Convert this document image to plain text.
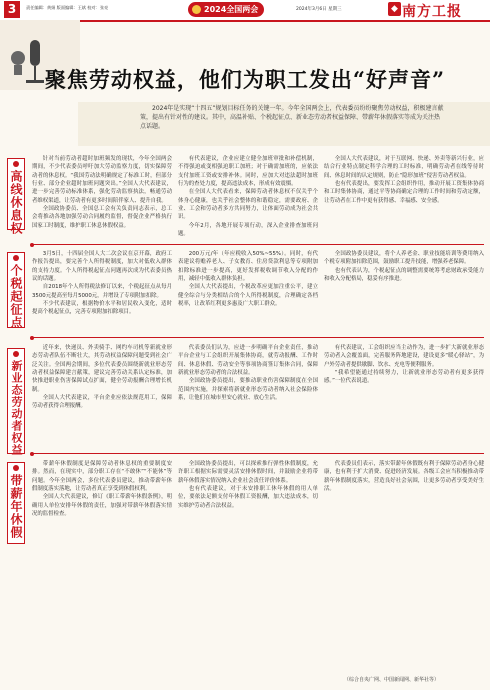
3	责任编辑：黄娟 版面编辑：王斌 校对：张亮	2024全国两会	2024年3月6日 星期三	◆ 南方工报
聚焦劳动权益，他们为职工发出“好声音”
2024年是实现“十四五”规划目标任务的关键一年。今年全国两会上，代表委员纷纷聚焦劳动权益，积极建言献策，提出有针对性的建议。其中，高温补贴、个税起征点、新业态劳动者权益保障、带薪年休假落实等成为关注热点话题。
高线休息权

针对当前劳动者超时加班频发的现状，今年全国两会期间，不少代表委员呼吁加大劳动监察力度，切实保障劳动者的休息权。“我国劳动法明确规定了标准工时，但部分行业、部分企业超时加班问题突出。”全国人大代表建议，进一步完善劳动标准体系，强化劳动监察执法，畅通劳动者维权渠道，让劳动者有更多时间陪伴家人、提升自我。

全国政协委员、全国总工会有关负责同志表示，总工会将推动各地加强劳动合同履约监督，督促企业严格执行国家工时制度，维护职工休息休假权益。

有代表建议，企业应建立健全加班审批和补偿机制，不得强迫或变相强迫职工加班；对于确需加班的，应依法支付加班工资或安排补休。同时，应加大对违法超时加班行为的查处力度，提高违法成本，形成有效震慑。

在全国人大代表看来，保障劳动者休息权不仅关乎个体身心健康，也关乎社会整体的和谐稳定，需要政府、企业、工会和劳动者多方共同努力，让体面劳动成为社会共识。

今年2月，各地开展专项行动，深入企业排查加班问题。

全国人大代表建议，对于互联网、快递、外卖等新兴行业，应结合行业特点制定科学合理的工时标准，明确劳动者在线等待时间、休息时间的认定规则，防止“隐形加班”侵害劳动者权益。

也有代表提出，要发挥工会组织作用，推动开展工资集体协商和工时集体协商，通过平等协商确定合理的工作时间和劳动定额，让劳动者在工作中更有获得感、幸福感、安全感。

个税起征点

3月5日，十四届全国人大二次会议在京开幕，政府工作报告提出，要完善个人所得税制度，加大对低收入群体的支持力度。个人所得税起征点问题再次成为代表委员热议的话题。

自2018年个人所得税法修订以来，个税起征点从每月3500元提高至每月5000元，并增设了专项附加扣除。

不少代表建议，根据物价水平和居民收入变化，适时提高个税起征点，完善专项附加扣除项目。

200万元/年（年应税收入50%~55%）。同时，有代表建议将赡养老人、子女教育、住房贷款利息等专项附加扣除标准进一步提高，更好发挥税收调节收入分配的作用，减轻中低收入群体负担。

全国人大代表提出，个税改革应更加注重公平，建立健全综合与分类相结合的个人所得税制度，合理确定各档税率，让改革红利更多惠及广大职工群众。

全国政协委员建议，将个人养老金、职业技能培训等费用纳入个税专项附加扣除范围，鼓励职工提升技能，增强养老保障。

也有代表认为，个税起征点的调整需要统筹考虑财政承受能力和收入分配格局，稳妥有序推进。

新业态劳动者权益

近年来，快递员、外卖骑手、网约车司机等新就业形态劳动者队伍不断壮大，其劳动权益保障问题受到社会广泛关注。全国两会期间，多位代表委员围绕新就业形态劳动者权益保障建言献策，建议完善劳动关系认定标准，加快推进职业伤害保障试点扩面，健全劳动报酬合理增长机制。

全国人大代表建议，平台企业应依法规范用工，保障劳动者获得合理报酬。

代表委员们认为，应进一步明确平台企业责任，推动平台企业与工会组织开展集体协商，就劳动报酬、工作时间、休息休假、劳动安全等事项协商签订集体合同，保障新就业形态劳动者的合法权益。

全国政协委员提出，要推动职业伤害保障制度在全国范围内实施，并探索将新就业形态劳动者纳入社会保险体系，让他们在城市里安心就业、放心生活。

有代表建议，工会组织应当主动作为，进一步扩大新就业形态劳动者入会覆盖面，完善服务阵地建设，建设更多“暖心驿站”，为户外劳动者提供歇脚、饮水、充电等便利服务。

“我希望能通过持续努力，让新就业形态劳动者有更多获得感。”一位代表说道。

带薪年休假

带薪年休假制度是保障劳动者休息权的重要制度安排。然而，在现实中，部分职工存在“不敢休”“不能休”等问题。今年全国两会，多位代表委员建议，推动带薪年休假制度落实落地，让劳动者真正享受到休假权利。

全国人大代表建议，修订《职工带薪年休假条例》，明确用人单位安排年休假的责任，加强对带薪年休假落实情况的监督检查。

全国政协委员提出，可以探索推行弹性休假制度，允许职工根据实际需要灵活安排休假时间，并鼓励企业将带薪年休假落实情况纳入企业社会责任评价体系。

也有代表建议，对于未安排职工休年休假的用人单位，要依法足额支付年休假工资报酬，加大违法成本，切实维护劳动者合法权益。

代表委员们表示，落实带薪年休假既有利于保障劳动者身心健康，也有利于扩大消费、促进经济发展。各级工会应当积极推动带薪年休假制度落实，营造良好社会氛围，让更多劳动者享受美好生活。

（综合自央广网、中国新闻网、新华社等）
